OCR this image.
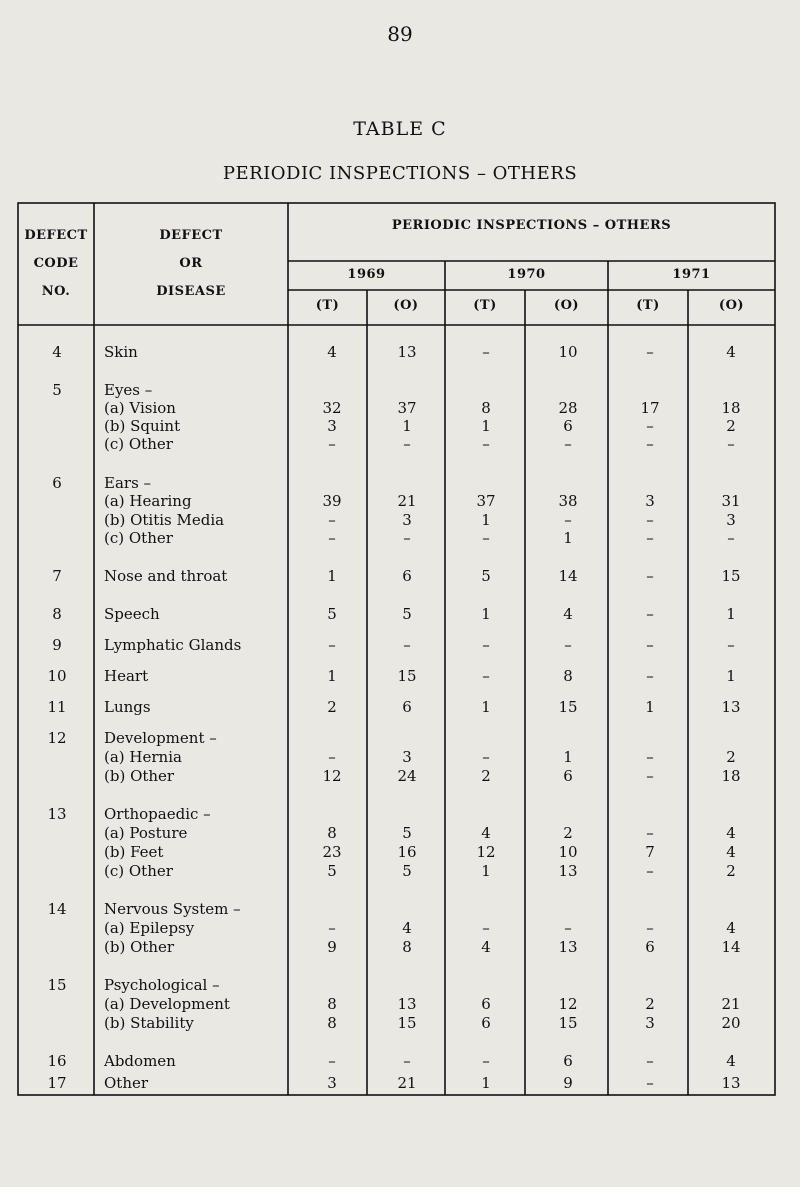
89
TABLE C
PERIODIC INSPECTIONS – OTHERS
DEFECT
CODE
NO.
DEFECT
OR
DISEASE
PERIODIC INSPECTIONS – OTHERS
1969	1970	1971
(T)	(O)	(T)	(O)	(T)	(O)
4	Skin	4	13	–	10	–	4
5	Eyes –
(a) Vision	32	37	8	28	17	18
(b) Squint	3	1	1	6	–	2
(c) Other	–	–	–	–	–	–
6	Ears –
(a) Hearing	39	21	37	38	3	31
(b) Otitis Media	–	3	1	–	–	3
(c) Other	–	–	–	1	–	–
7	Nose and throat	1	6	5	14	–	15
8	Speech	5	5	1	4	–	1
9	Lymphatic Glands	–	–	–	–	–	–
10	Heart	1	15	–	8	–	1
11	Lungs	2	6	1	15	1	13
12	Development –
(a) Hernia	–	3	–	1	–	2
(b) Other	12	24	2	6	–	18
13	Orthopaedic –
(a) Posture	8	5	4	2	–	4
(b) Feet	23	16	12	10	7	4
(c) Other	5	5	1	13	–	2
14	Nervous System –
(a) Epilepsy	–	4	–	–	–	4
(b) Other	9	8	4	13	6	14
15	Psychological –
(a) Development	8	13	6	12	2	21
(b) Stability	8	15	6	15	3	20
16	Abdomen	–	–	–	6	–	4
17	Other	3	21	1	9	–	13
